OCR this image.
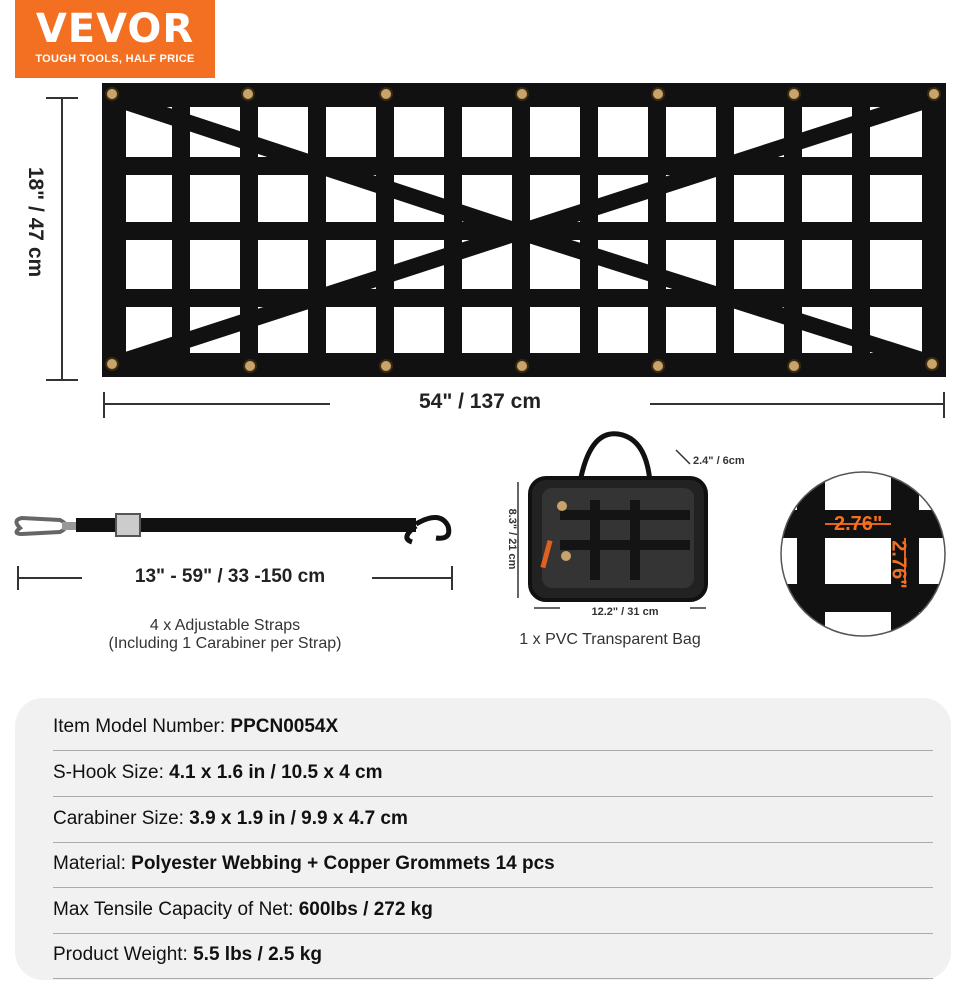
VEVOR
TOUGH TOOLS, HALF PRICE
54" / 137 cm
18" / 47 cm
13" - 59" / 33 -150 cm
4 x Adjustable Straps
(Including 1 Carabiner per Strap)
2.4" / 6cm
8.3" / 21 cm
12.2" / 31 cm
1 x PVC Transparent Bag
2.76"
2.76"
Item Model Number: PPCN0054X
S-Hook Size: 4.1 x 1.6 in / 10.5 x 4 cm
Carabiner Size: 3.9 x 1.9 in / 9.9 x 4.7 cm
Material: Polyester Webbing + Copper Grommets 14 pcs
Max Tensile Capacity of Net: 600lbs / 272 kg
Product Weight: 5.5 lbs / 2.5 kg
